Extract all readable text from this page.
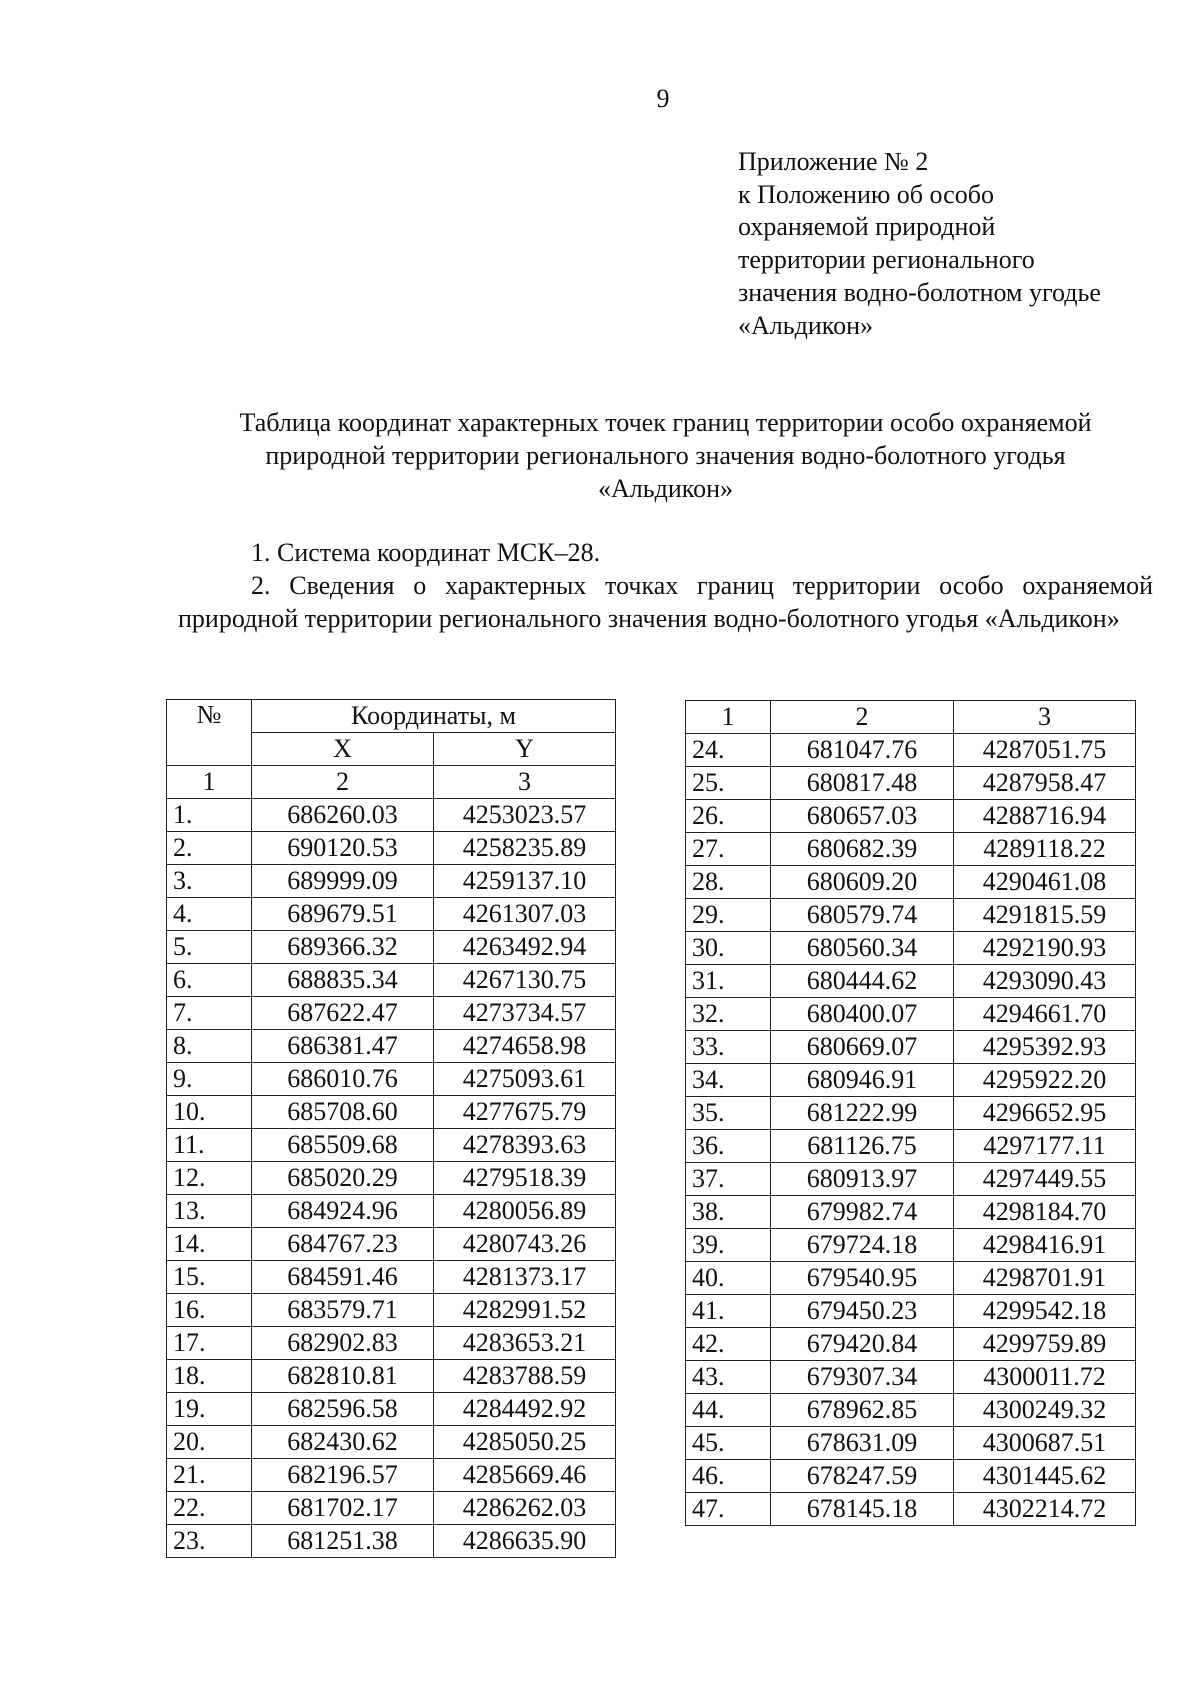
9
Приложение № 2
к Положению об особо
охраняемой природной
территории регионального
значения водно-болотном угодье
«Альдикон»
Таблица координат характерных точек границ территории особо охраняемой
природной территории регионального значения водно-болотного угодья
«Альдикон»

1. Система координат МСК–28.

2. Сведения о характерных точках границ территории особо охраняемой природной территории регионального значения водно-болотного угодья «Альдикон»

№	Координаты, м	
	X	Y
1	2	3
1.	686260.03	4253023.57
2.	690120.53	4258235.89
3.	689999.09	4259137.10
4.	689679.51	4261307.03
5.	689366.32	4263492.94
6.	688835.34	4267130.75
7.	687622.47	4273734.57
8.	686381.47	4274658.98
9.	686010.76	4275093.61
10.	685708.60	4277675.79
11.	685509.68	4278393.63
12.	685020.29	4279518.39
13.	684924.96	4280056.89
14.	684767.23	4280743.26
15.	684591.46	4281373.17
16.	683579.71	4282991.52
17.	682902.83	4283653.21
18.	682810.81	4283788.59
19.	682596.58	4284492.92
20.	682430.62	4285050.25
21.	682196.57	4285669.46
22.	681702.17	4286262.03
23.	681251.38	4286635.90
1	2	3
24.	681047.76	4287051.75
25.	680817.48	4287958.47
26.	680657.03	4288716.94
27.	680682.39	4289118.22
28.	680609.20	4290461.08
29.	680579.74	4291815.59
30.	680560.34	4292190.93
31.	680444.62	4293090.43
32.	680400.07	4294661.70
33.	680669.07	4295392.93
34.	680946.91	4295922.20
35.	681222.99	4296652.95
36.	681126.75	4297177.11
37.	680913.97	4297449.55
38.	679982.74	4298184.70
39.	679724.18	4298416.91
40.	679540.95	4298701.91
41.	679450.23	4299542.18
42.	679420.84	4299759.89
43.	679307.34	4300011.72
44.	678962.85	4300249.32
45.	678631.09	4300687.51
46.	678247.59	4301445.62
47.	678145.18	4302214.72
